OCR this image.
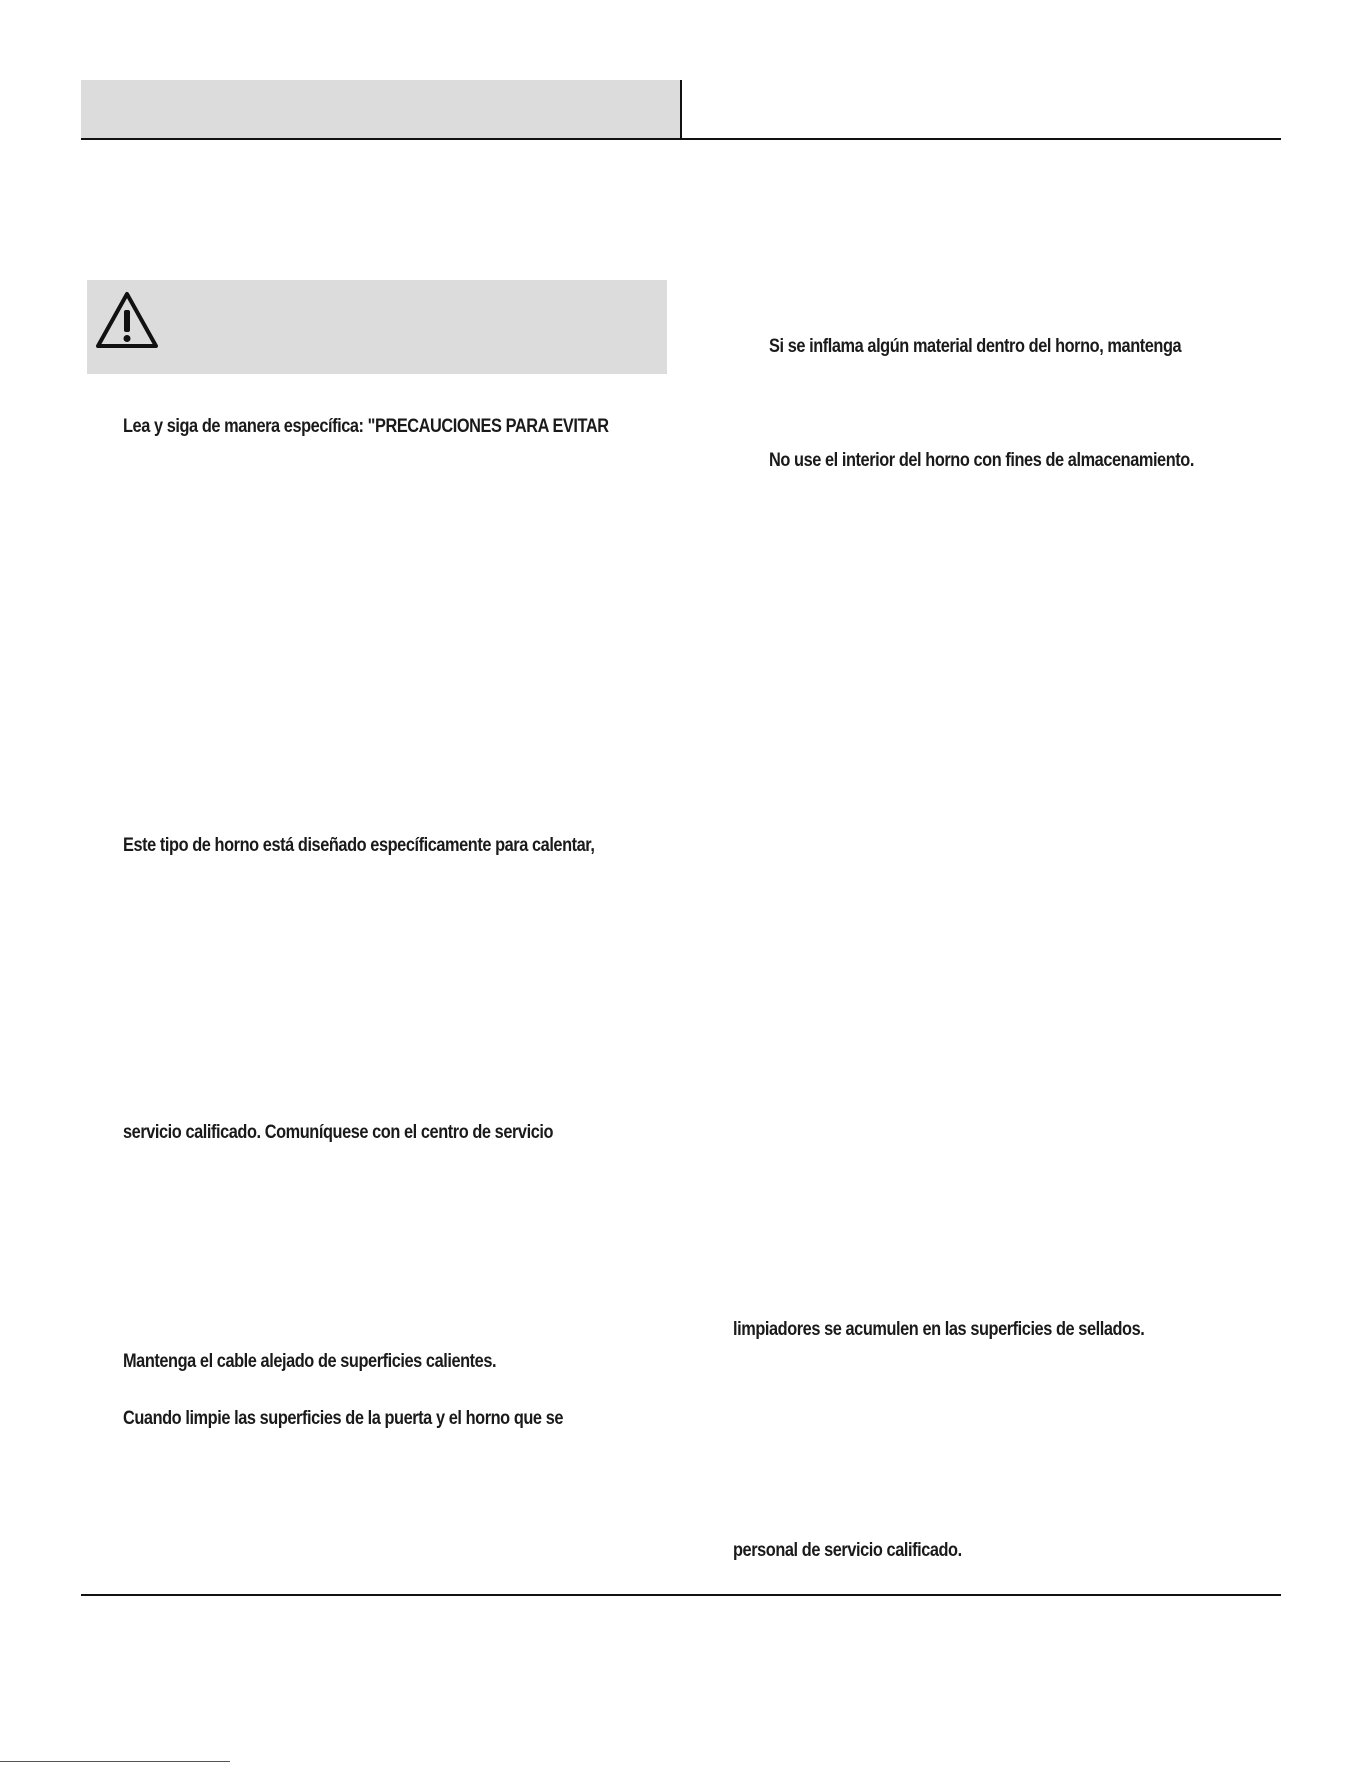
Lea y siga de manera específica: "PRECAUCIONES PARA EVITAR

Este tipo de horno está diseñado específicamente para calentar,

servicio calificado. Comuníquese con el centro de servicio

Mantenga el cable alejado de superficies calientes.

Cuando limpie las superficies de la puerta y el horno que se

Si se inflama algún material dentro del horno, mantenga

No use el interior del horno con fines de almacenamiento.

limpiadores se acumulen en las superficies de sellados.

personal de servicio calificado.
